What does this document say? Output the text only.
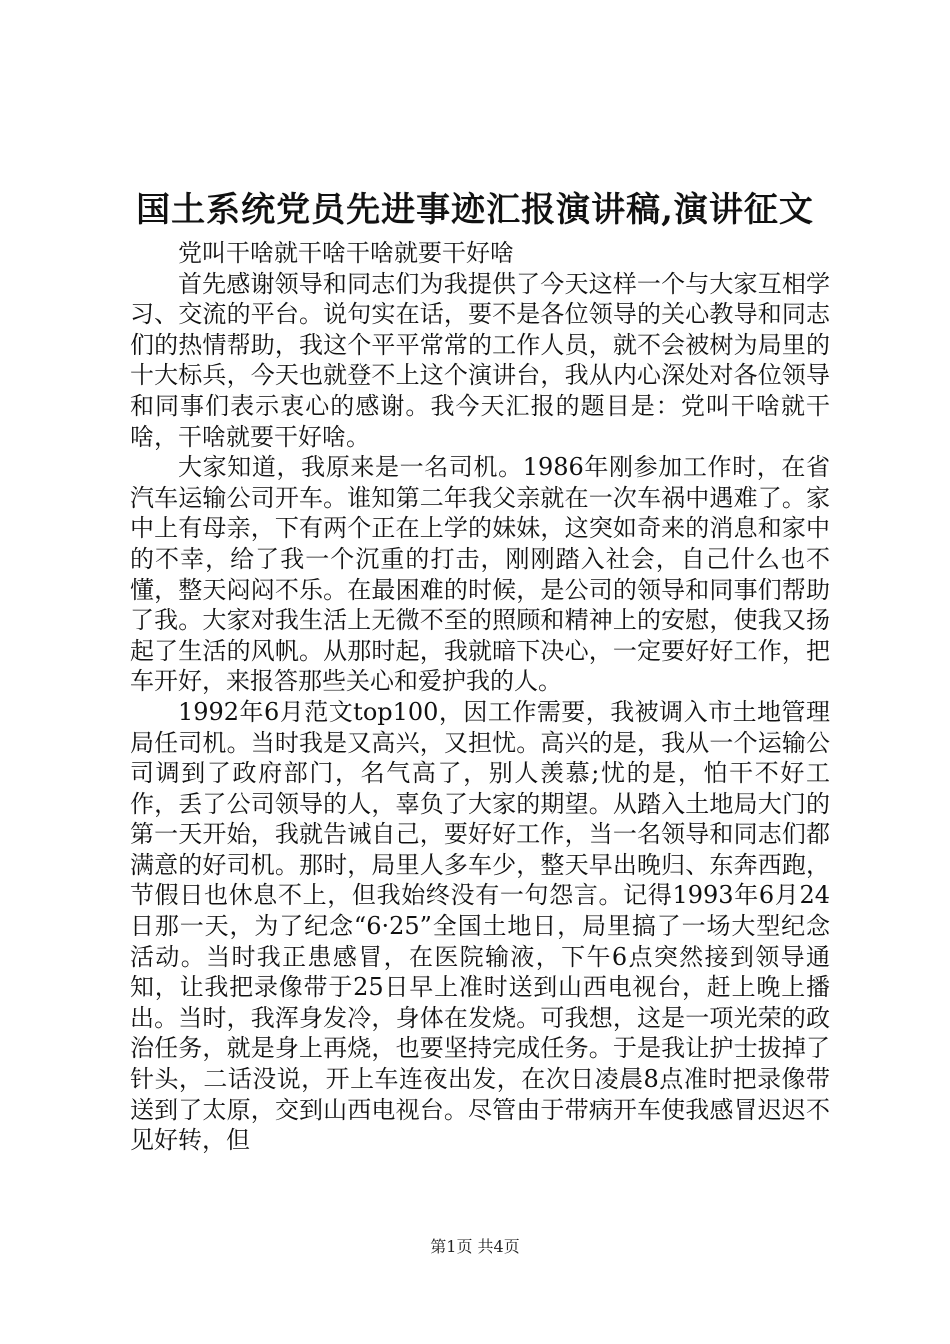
国土系统党员先进事迹汇报演讲稿,演讲征文

党叫干啥就干啥干啥就要干好啥

首先感谢领导和同志们为我提供了今天这样一个与大家互相学习、交流的平台。说句实在话，要不是各位领导的关心教导和同志们的热情帮助，我这个平平常常的工作人员，就不会被树为局里的十大标兵，今天也就登不上这个演讲台，我从内心深处对各位领导和同事们表示衷心的感谢。我今天汇报的题目是：党叫干啥就干啥，干啥就要干好啥。

大家知道，我原来是一名司机。1986年刚参加工作时，在省汽车运输公司开车。谁知第二年我父亲就在一次车祸中遇难了。家中上有母亲，下有两个正在上学的妹妹，这突如奇来的消息和家中的不幸，给了我一个沉重的打击，刚刚踏入社会，自己什么也不懂，整天闷闷不乐。在最困难的时候，是公司的领导和同事们帮助了我。大家对我生活上无微不至的照顾和精神上的安慰，使我又扬起了生活的风帆。从那时起，我就暗下决心，一定要好好工作，把车开好，来报答那些关心和爱护我的人。

1992年6月范文top100，因工作需要，我被调入市土地管理局任司机。当时我是又高兴，又担忧。高兴的是，我从一个运输公司调到了政府部门，名气高了，别人羡慕;忧的是，怕干不好工作，丢了公司领导的人，辜负了大家的期望。从踏入土地局大门的第一天开始，我就告诫自己，要好好工作，当一名领导和同志们都满意的好司机。那时，局里人多车少，整天早出晚归、东奔西跑，节假日也休息不上，但我始终没有一句怨言。记得1993年6月24日那一天，为了纪念“6·25”全国土地日，局里搞了一场大型纪念活动。当时我正患感冒，在医院输液，下午6点突然接到领导通知，让我把录像带于25日早上准时送到山西电视台，赶上晚上播出。当时，我浑身发冷，身体在发烧。可我想，这是一项光荣的政治任务，就是身上再烧，也要坚持完成任务。于是我让护士拔掉了针头，二话没说，开上车连夜出发，在次日凌晨8点准时把录像带送到了太原，交到山西电视台。尽管由于带病开车使我感冒迟迟不见好转，但

第1页 共4页
